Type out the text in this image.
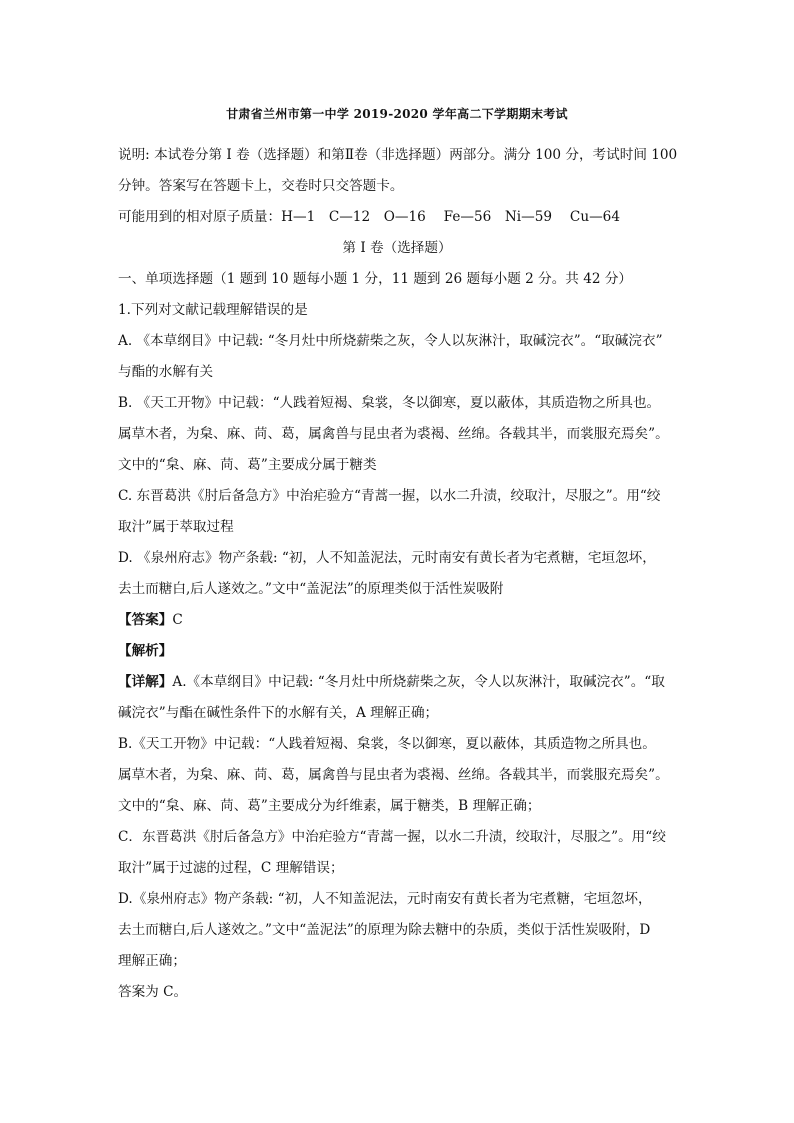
甘肃省兰州市第一中学 2019-2020 学年高二下学期期末考试
说明: 本试卷分第 I 卷（选择题）和第Ⅱ卷（非选择题）两部分。满分 100 分，考试时间 100
分钟。答案写在答题卡上，交卷时只交答题卡。
可能用到的相对原子质量：H—1　C—12　O—16　 Fe—56　Ni—59　 Cu—64
第 I 卷（选择题）
一、单项选择题（1 题到 10 题每小题 1 分，11 题到 26 题每小题 2 分。共 42 分）
1.下列对文献记载理解错误的是
A. 《本草纲目》中记载: “冬月灶中所烧薪柴之灰，令人以灰淋汁，取碱浣衣”。“取碱浣衣”
与酯的水解有关
B. 《天工开物》中记载：“人践着短褐、枲裳，冬以御寒，夏以蔽体，其质造物之所具也。
属草木者，为枲、麻、苘、葛，属禽兽与昆虫者为裘褐、丝绵。各载其半，而裳服充焉矣”。
文中的“枲、麻、苘、葛”主要成分属于糖类
C. 东晋葛洪《肘后备急方》中治疟验方“青蒿一握，以水二升渍，绞取汁，尽服之”。用“绞
取汁”属于萃取过程
D. 《泉州府志》物产条载: “初，人不知盖泥法，元时南安有黄长者为宅煮糖，宅垣忽坏，
去土而糖白,后人遂效之。”文中“盖泥法”的原理类似于活性炭吸附
【答案】C
【解析】
【详解】A.《本草纲目》中记载: “冬月灶中所烧薪柴之灰，令人以灰淋汁，取碱浣衣”。“取
碱浣衣”与酯在碱性条件下的水解有关，A 理解正确；
B.《天工开物》中记载：“人践着短褐、枲裳，冬以御寒，夏以蔽体，其质造物之所具也。
属草木者，为枲、麻、苘、葛，属禽兽与昆虫者为裘褐、丝绵。各载其半，而裳服充焉矣”。
文中的“枲、麻、苘、葛”主要成分为纤维素，属于糖类，B 理解正确；
C．东晋葛洪《肘后备急方》中治疟验方“青蒿一握，以水二升渍，绞取汁，尽服之”。用“绞
取汁”属于过滤的过程，C 理解错误；
D.《泉州府志》物产条载: “初，人不知盖泥法，元时南安有黄长者为宅煮糖，宅垣忽坏，
去土而糖白,后人遂效之。”文中“盖泥法”的原理为除去糖中的杂质，类似于活性炭吸附，D
理解正确；
答案为 C。
